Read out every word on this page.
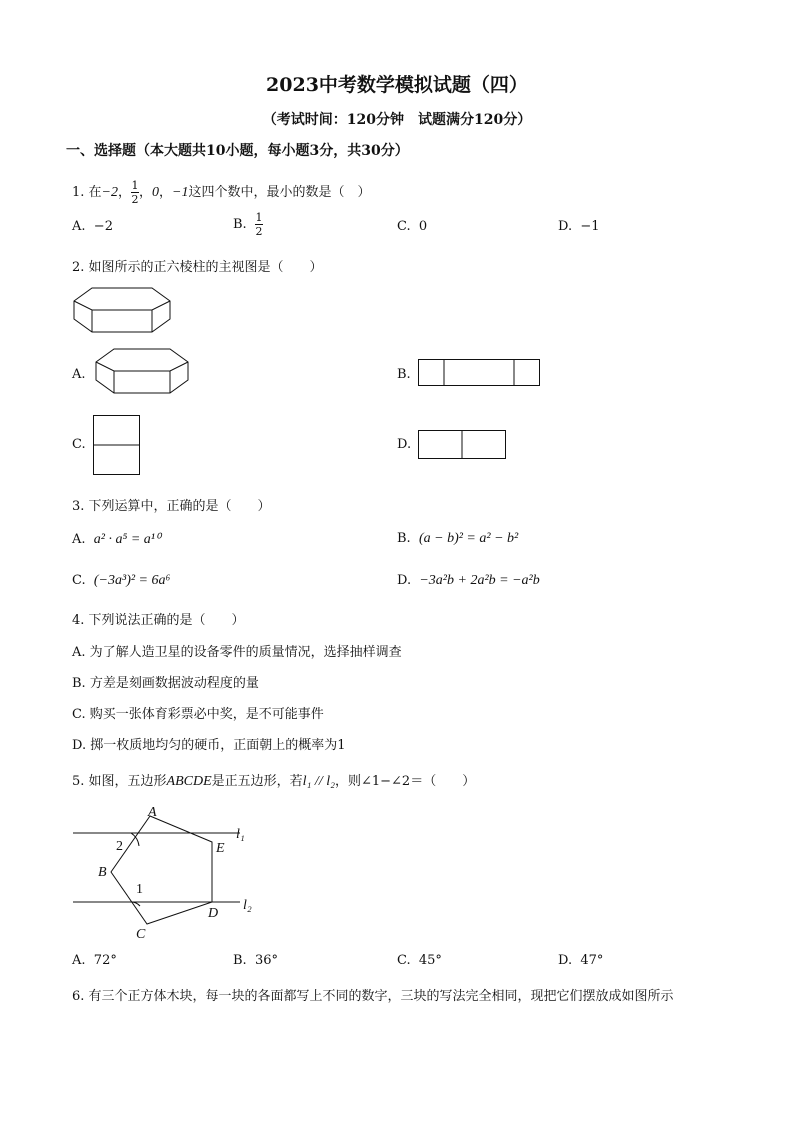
2023中考数学模拟试题（四）
（考试时间：120分钟　试题满分120分）
一、选择题（本大题共10小题，每小题3分，共30分）
1. 在−2，$\frac{1}{2}$，0，−1这四个数中，最小的数是（　）
A. −2	B. $\frac{1}{2}$	C. 0	D. −1
2. 如图所示的正六棱柱的主视图是（　　）
A.	B.
C.	D.
3. 下列运算中，正确的是（　　）
A. a² · a⁵ = a¹⁰	B. (a − b)² = a² − b²
C. (−3a³)² = 6a⁶	D. −3a²b + 2a²b = −a²b
4. 下列说法正确的是（　　）
A. 为了解人造卫星的设备零件的质量情况，选择抽样调查
B. 方差是刻画数据波动程度的量
C. 购买一张体育彩票必中奖，是不可能事件
D. 掷一枚质地均匀的硬币，正面朝上的概率为1
5. 如图，五边形ABCDE是正五边形，若l₁ // l₂，则∠1−∠2＝（　　）
A
B
C
D
E
l₁
l₂
2
1
A. 72°	B. 36°	C. 45°	D. 47°
6. 有三个正方体木块，每一块的各面都写上不同的数字，三块的写法完全相同，现把它们摆放成如图所示
